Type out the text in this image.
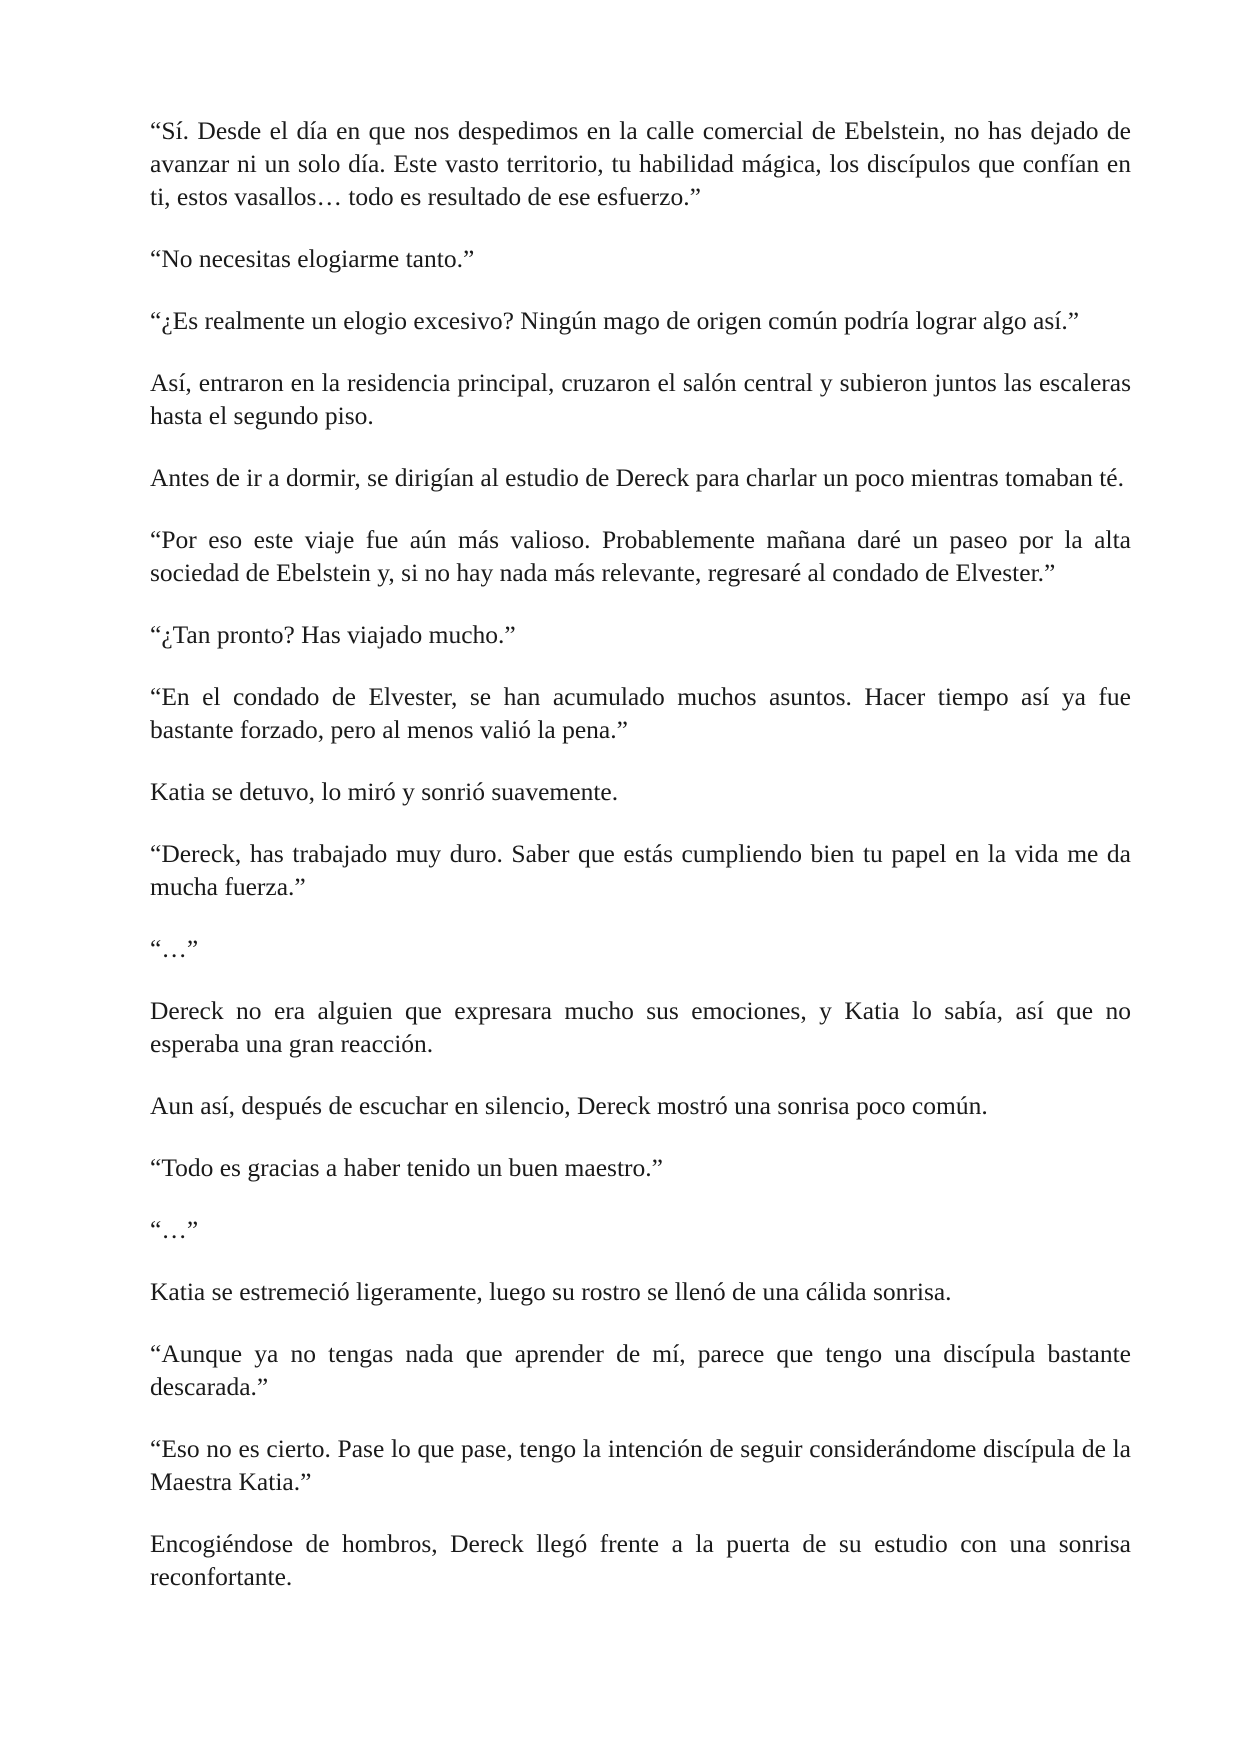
“Sí. Desde el día en que nos despedimos en la calle comercial de Ebelstein, no has dejado de avanzar ni un solo día. Este vasto territorio, tu habilidad mágica, los discípulos que confían en ti, estos vasallos… todo es resultado de ese esfuerzo.”

“No necesitas elogiarme tanto.”

“¿Es realmente un elogio excesivo? Ningún mago de origen común podría lograr algo así.”

Así, entraron en la residencia principal, cruzaron el salón central y subieron juntos las escaleras hasta el segundo piso.

Antes de ir a dormir, se dirigían al estudio de Dereck para charlar un poco mientras tomaban té.

“Por eso este viaje fue aún más valioso. Probablemente mañana daré un paseo por la alta sociedad de Ebelstein y, si no hay nada más relevante, regresaré al condado de Elvester.”

“¿Tan pronto? Has viajado mucho.”

“En el condado de Elvester, se han acumulado muchos asuntos. Hacer tiempo así ya fue bastante forzado, pero al menos valió la pena.”

Katia se detuvo, lo miró y sonrió suavemente.

“Dereck, has trabajado muy duro. Saber que estás cumpliendo bien tu papel en la vida me da mucha fuerza.”

“…”

Dereck no era alguien que expresara mucho sus emociones, y Katia lo sabía, así que no esperaba una gran reacción.

Aun así, después de escuchar en silencio, Dereck mostró una sonrisa poco común.

“Todo es gracias a haber tenido un buen maestro.”

“…”

Katia se estremeció ligeramente, luego su rostro se llenó de una cálida sonrisa.

“Aunque ya no tengas nada que aprender de mí, parece que tengo una discípula bastante descarada.”

“Eso no es cierto. Pase lo que pase, tengo la intención de seguir considerándome discípula de la Maestra Katia.”

Encogiéndose de hombros, Dereck llegó frente a la puerta de su estudio con una sonrisa reconfortante.
